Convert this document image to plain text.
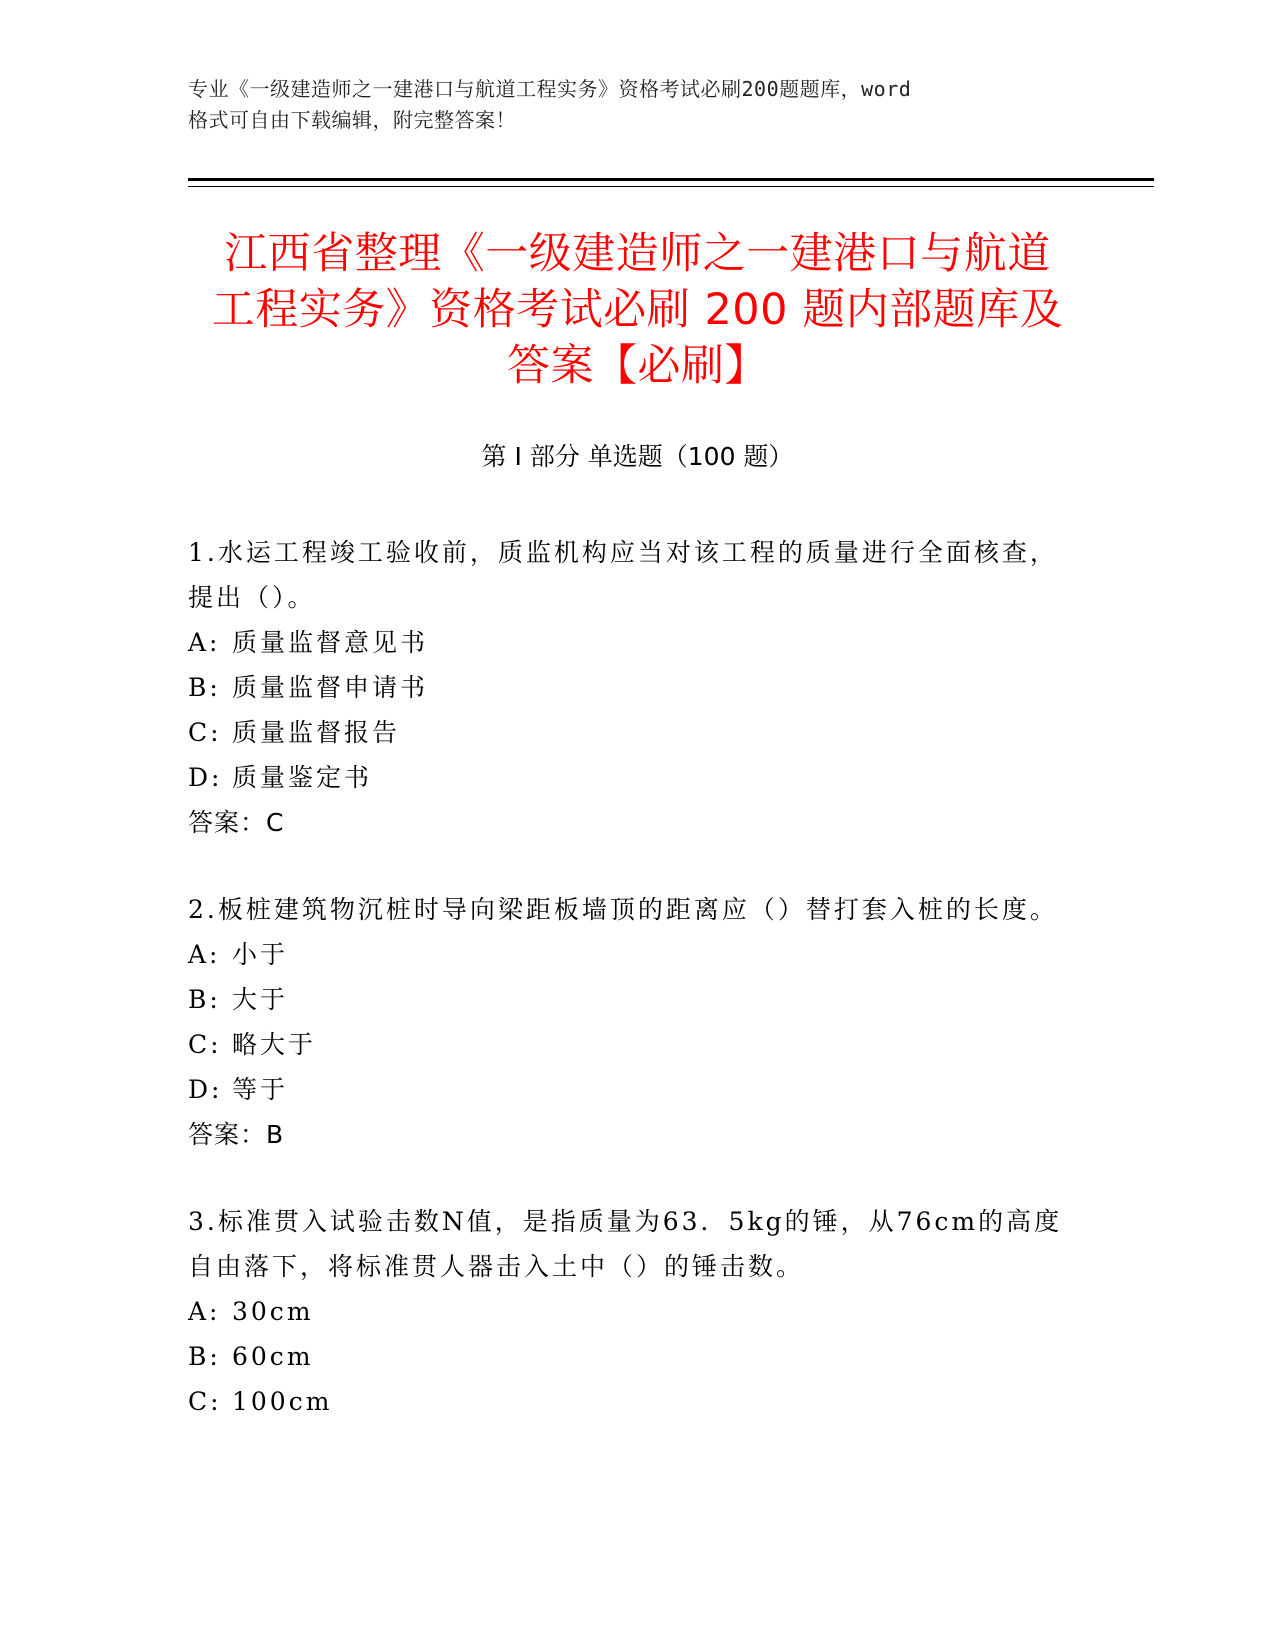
专业《一级建造师之一建港口与航道工程实务》资格考试必刷200题题库，word
格式可自由下载编辑，附完整答案！
江西省整理《一级建造师之一建港口与航道
工程实务》资格考试必刷 200 题内部题库及
答案【必刷】
第 I 部分 单选题（100 题）

1.水运工程竣工验收前，质监机构应当对该工程的质量进行全面核查，提出（）。

A: 质量监督意见书
B: 质量监督申请书
C: 质量监督报告
D: 质量鉴定书
答案：C

2.板桩建筑物沉桩时导向梁距板墙顶的距离应（）替打套入桩的长度。

A: 小于
B: 大于
C: 略大于
D: 等于
答案：B

3.标准贯入试验击数N值，是指质量为63．5kg的锤，从76cm的高度自由落下，将标准贯人器击入土中（）的锤击数。

A: 30cm
B: 60cm
C: 100cm
